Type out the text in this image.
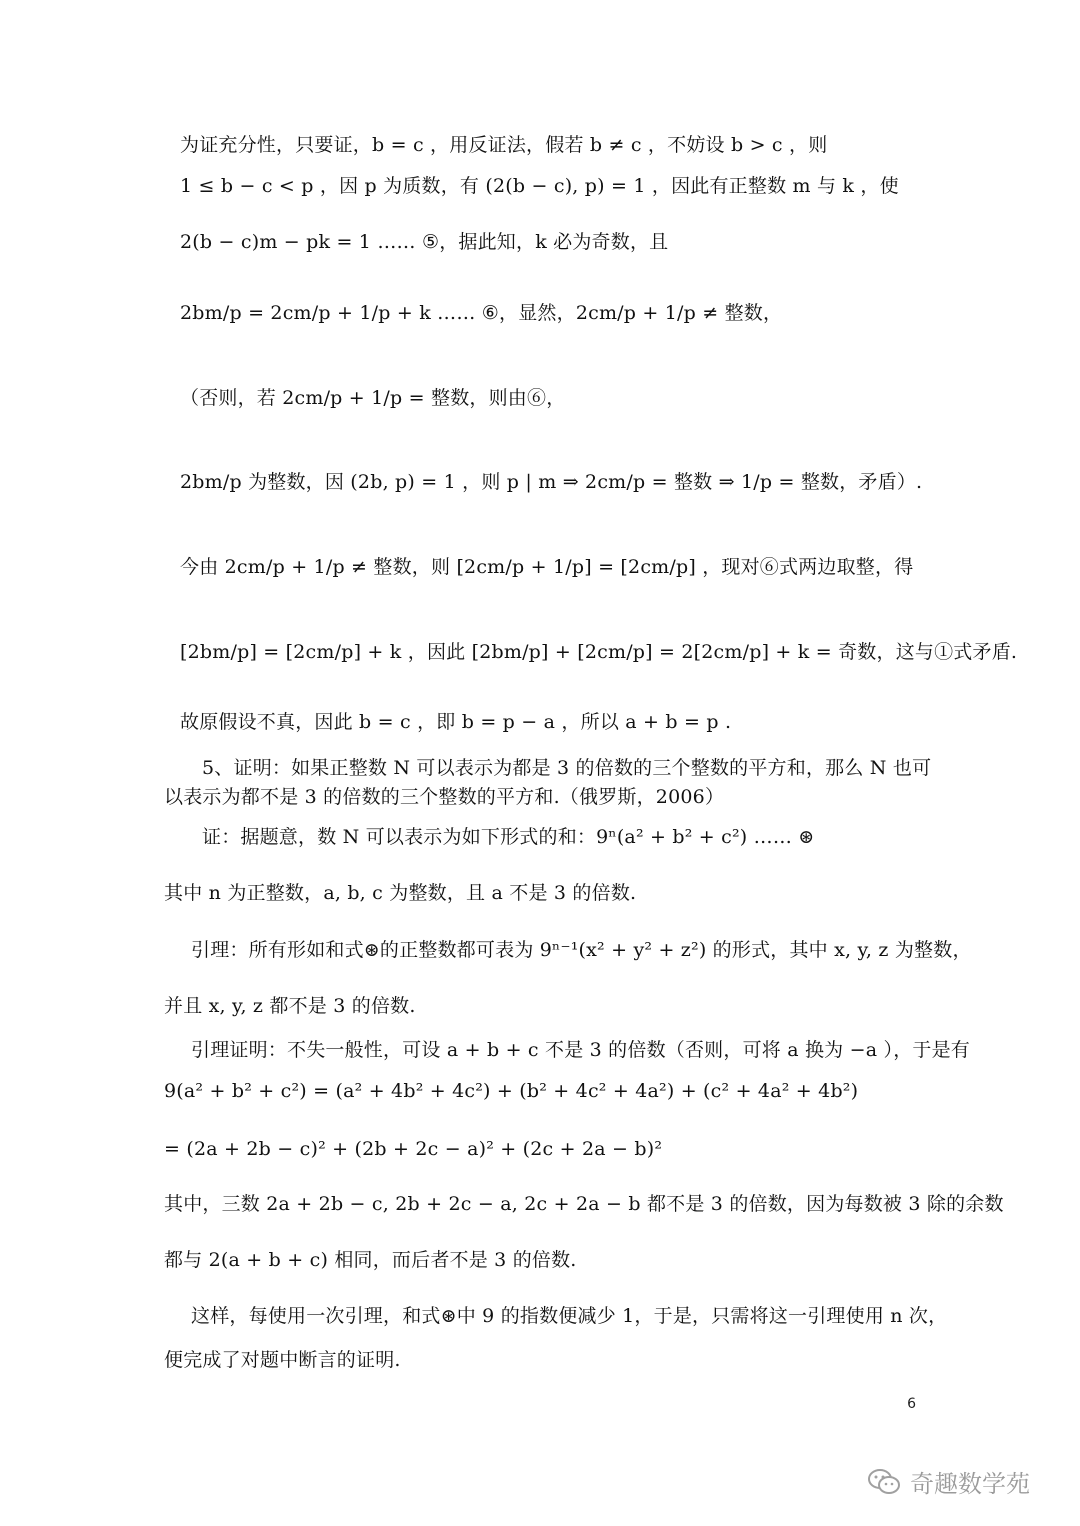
为证充分性，只要证，b = c ，用反证法，假若 b ≠ c ，不妨设 b > c ，则
1 ≤ b − c < p ，因 p 为质数，有 (2(b − c), p) = 1 ，因此有正整数 m 与 k ，使
2(b − c)m − pk = 1 …… ⑤，据此知，k 必为奇数，且
2bm/p = 2cm/p + 1/p + k …… ⑥，显然，2cm/p + 1/p ≠ 整数，
（否则，若 2cm/p + 1/p = 整数，则由⑥，
2bm/p 为整数，因 (2b, p) = 1 ，则 p | m ⇒ 2cm/p = 整数 ⇒ 1/p = 整数，矛盾）.
今由 2cm/p + 1/p ≠ 整数，则 [2cm/p + 1/p] = [2cm/p] ，现对⑥式两边取整，得
[2bm/p] = [2cm/p] + k ，因此 [2bm/p] + [2cm/p] = 2[2cm/p] + k = 奇数，这与①式矛盾.
故原假设不真，因此 b = c ，即 b = p − a ，所以 a + b = p .
5、证明：如果正整数 N 可以表示为都是 3 的倍数的三个整数的平方和，那么 N 也可
以表示为都不是 3 的倍数的三个整数的平方和.（俄罗斯，2006）
证：据题意，数 N 可以表示为如下形式的和：9ⁿ(a² + b² + c²) …… ⊛
其中 n 为正整数，a, b, c 为整数，且 a 不是 3 的倍数.
引理：所有形如和式⊛的正整数都可表为 9ⁿ⁻¹(x² + y² + z²) 的形式，其中 x, y, z 为整数，
并且 x, y, z 都不是 3 的倍数.
引理证明：不失一般性，可设 a + b + c 不是 3 的倍数（否则，可将 a 换为 −a ），于是有
9(a² + b² + c²) = (a² + 4b² + 4c²) + (b² + 4c² + 4a²) + (c² + 4a² + 4b²)
= (2a + 2b − c)² + (2b + 2c − a)² + (2c + 2a − b)²
其中，三数 2a + 2b − c, 2b + 2c − a, 2c + 2a − b 都不是 3 的倍数，因为每数被 3 除的余数
都与 2(a + b + c) 相同，而后者不是 3 的倍数.
这样，每使用一次引理，和式⊛中 9 的指数便减少 1，于是，只需将这一引理使用 n 次，
便完成了对题中断言的证明.
6
奇趣数学苑
